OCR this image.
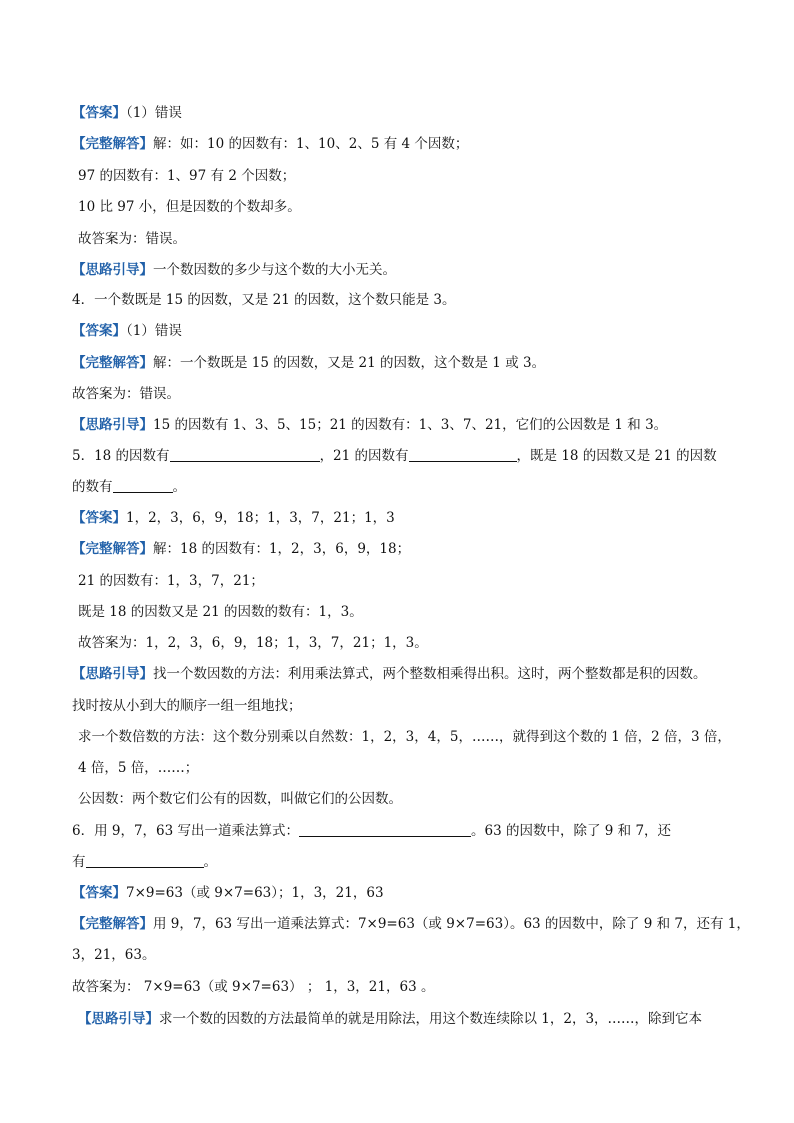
【答案】（1）错误
【完整解答】解：如：10 的因数有：1、10、2、5 有 4 个因数；
97 的因数有：1、97 有 2 个因数；
10 比 97 小，但是因数的个数却多。
故答案为：错误。
【思路引导】一个数因数的多少与这个数的大小无关。
4．一个数既是 15 的因数，又是 21 的因数，这个数只能是 3。
【答案】（1）错误
【完整解答】解：一个数既是 15 的因数，又是 21 的因数，这个数是 1 或 3。
故答案为：错误。
【思路引导】15 的因数有 1、3、5、15；21 的因数有：1、3、7、21，它们的公因数是 1 和 3。
5．18 的因数有	，21 的因数有	，既是 18 的因数又是 21 的因数
的数有	。
【答案】1，2，3，6，9，18；1，3，7，21；1，3
【完整解答】解：18 的因数有：1，2，3，6，9，18；
21 的因数有：1，3，7，21；
既是 18 的因数又是 21 的因数的数有：1，3。
故答案为：1，2，3，6，9，18；1，3，7，21；1，3。
【思路引导】找一个数因数的方法：利用乘法算式，两个整数相乘得出积。这时，两个整数都是积的因数。
找时按从小到大的顺序一组一组地找；
求一个数倍数的方法：这个数分别乘以自然数：1，2，3，4，5，……，就得到这个数的 1 倍，2 倍，3 倍，
4 倍，5 倍，……；
公因数：两个数它们公有的因数，叫做它们的公因数。
6．用 9，7，63 写出一道乘法算式：	。63 的因数中，除了 9 和 7，还
有	。
【答案】7×9=63（或 9×7=63）；1，3，21，63
【完整解答】用 9，7，63 写出一道乘法算式：7×9=63（或 9×7=63）。63 的因数中，除了 9 和 7，还有 1，
3，21，63。
故答案为： 7×9=63（或 9×7=63） ； 1，3，21，63 。
【思路引导】求一个数的因数的方法最简单的就是用除法，用这个数连续除以 1，2，3，……，除到它本
